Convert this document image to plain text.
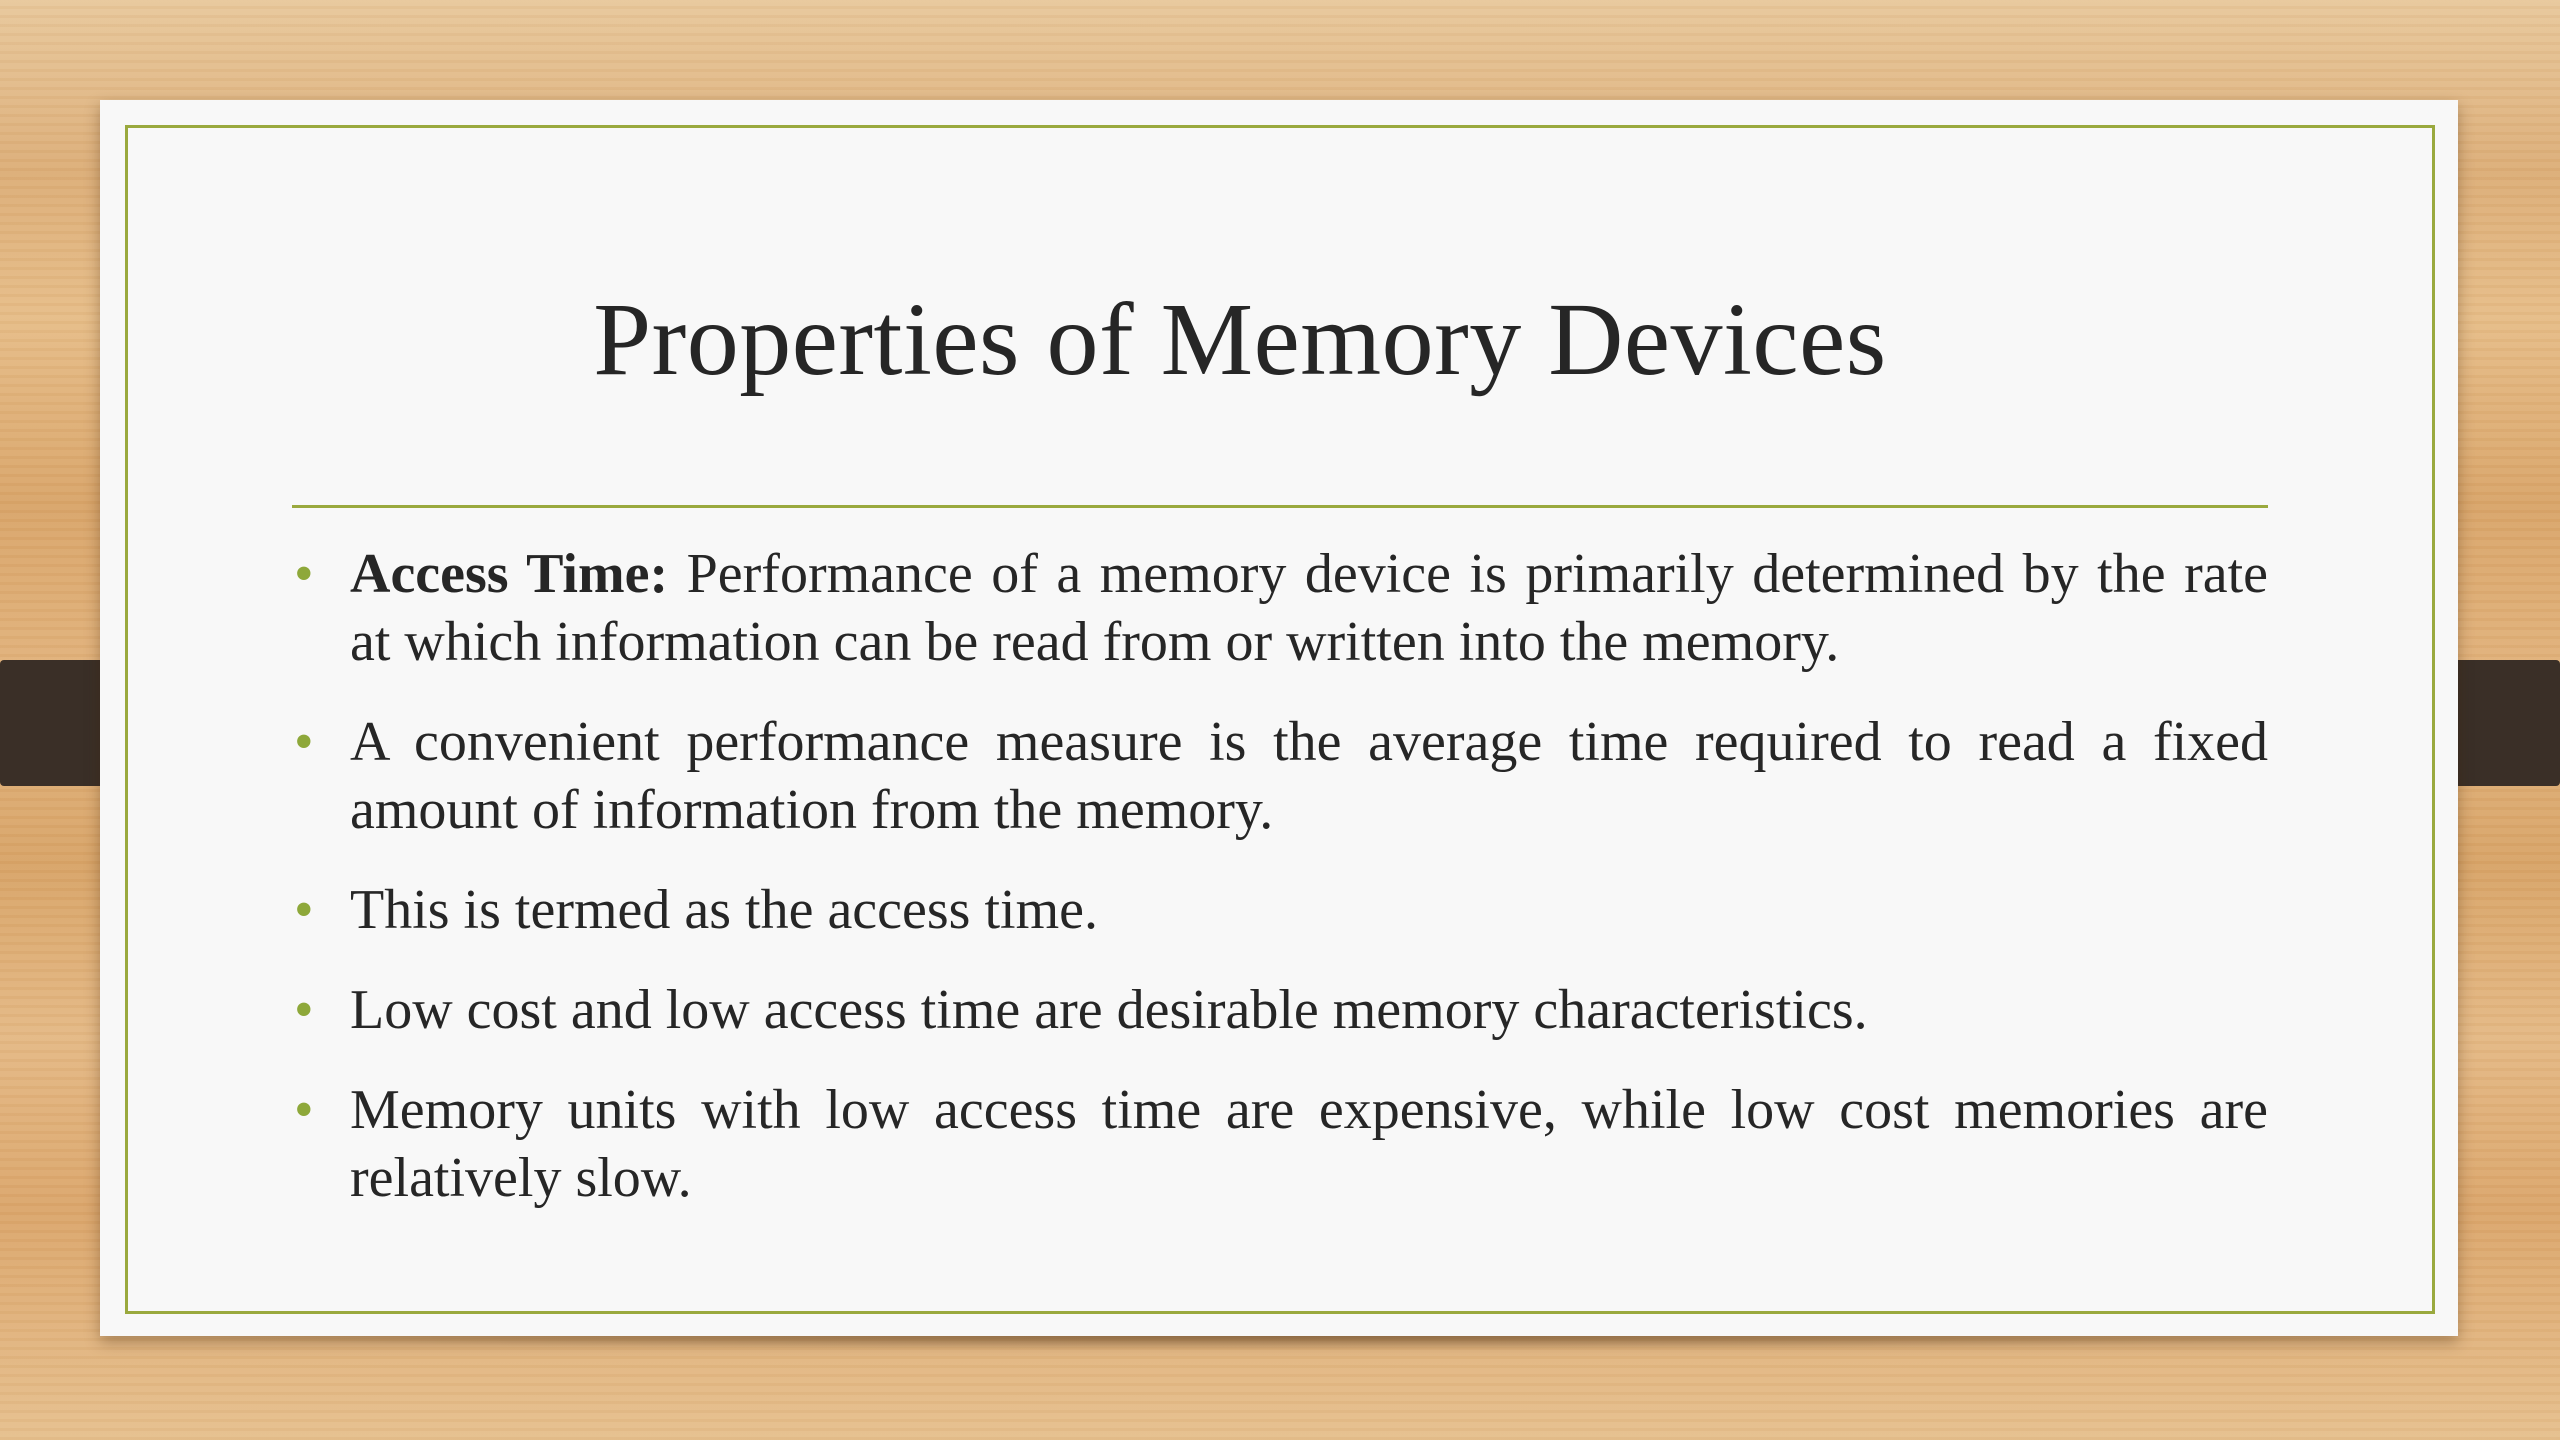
Properties of Memory Devices
• Access Time: Performance of a memory device is primarily determined by the rate at which information can be read from or written into the memory.
• A convenient performance measure is the average time required to read a fixed amount of information from the memory.
• This is termed as the access time.
• Low cost and low access time are desirable memory characteristics.
• Memory units with low access time are expensive, while low cost memories are relatively slow.
